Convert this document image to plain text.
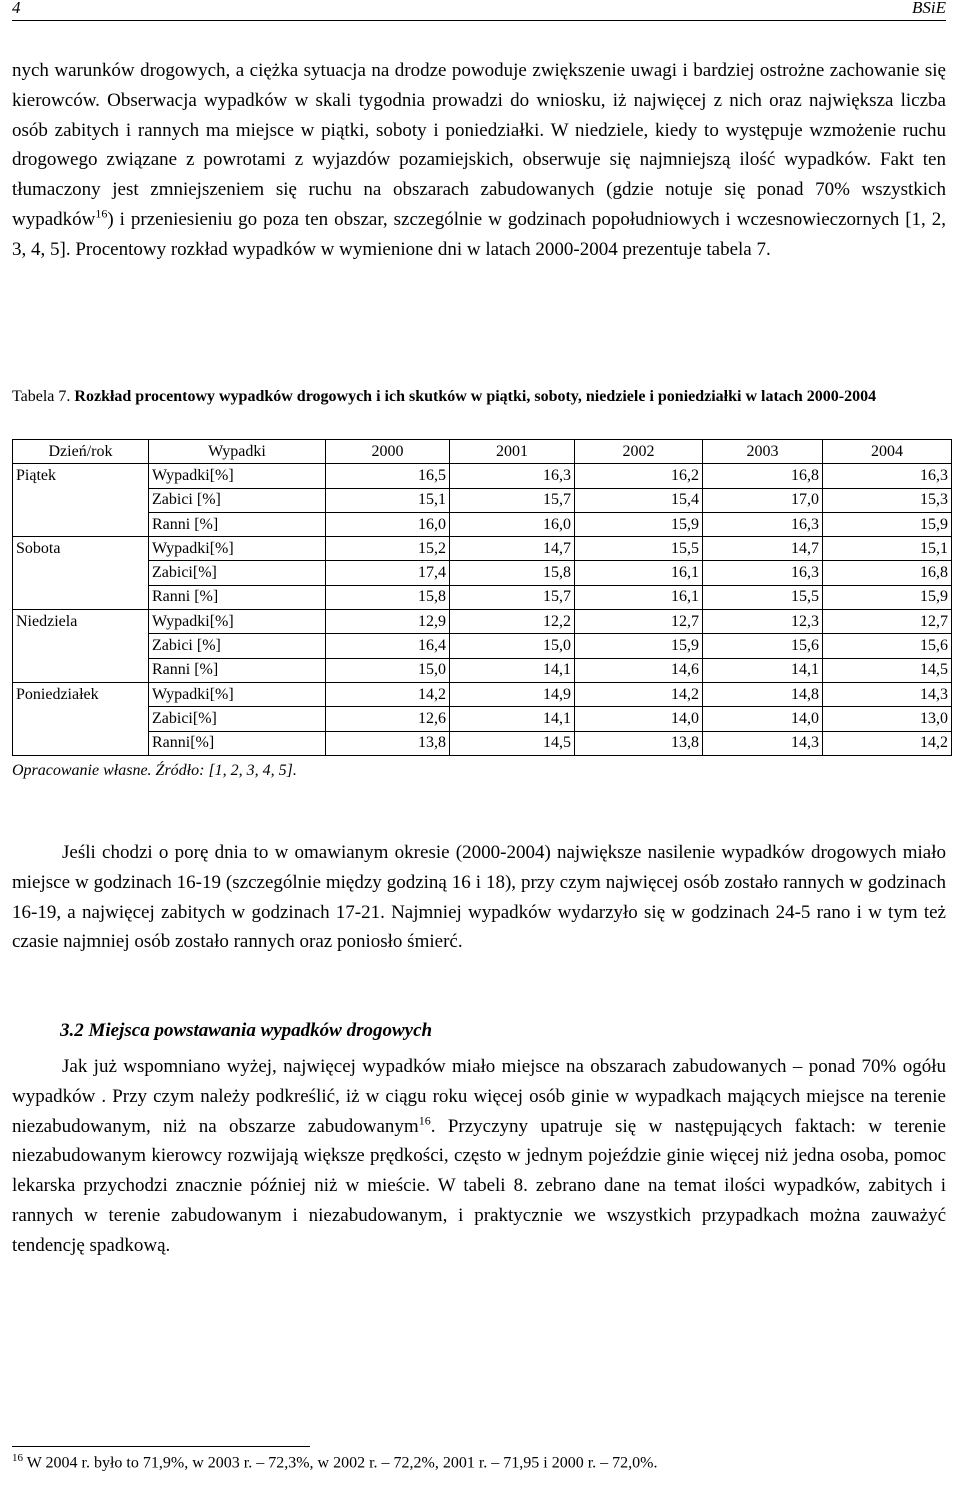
4	BSiE

nych warunków drogowych, a ciężka sytuacja na drodze powoduje zwiększenie uwagi i bardziej ostrożne zachowanie się kierowców. Obserwacja wypadków w skali tygodnia prowadzi do wniosku, iż najwięcej z nich oraz największa liczba osób zabitych i rannych ma miejsce w piątki, soboty i poniedziałki. W niedziele, kiedy to występuje wzmożenie ruchu drogowego związane z powrotami z wyjazdów pozamiejskich, obserwuje się najmniejszą ilość wypadków. Fakt ten tłumaczony jest zmniejszeniem się ruchu na obszarach zabudowanych (gdzie notuje się ponad 70% wszystkich wypadków$^{16}$) i przeniesieniu go poza ten obszar, szczególnie w godzinach popołudniowych i wczesnowieczornych [1, 2, 3, 4, 5]. Procentowy rozkład wypadków w wymienione dni w latach 2000-2004 prezentuje tabela 7.

Tabela 7. Rozkład procentowy wypadków drogowych i ich skutków w piątki, soboty, niedziele i poniedziałki w latach 2000-2004

Dzień/rok	Wypadki	2000	2001	2002	2003	2004
Piątek	Wypadki[%]	16,5	16,3	16,2	16,8	16,3
	Zabici [%]	15,1	15,7	15,4	17,0	15,3
	Ranni [%]	16,0	16,0	15,9	16,3	15,9
Sobota	Wypadki[%]	15,2	14,7	15,5	14,7	15,1
	Zabici[%]	17,4	15,8	16,1	16,3	16,8
	Ranni [%]	15,8	15,7	16,1	15,5	15,9
Niedziela	Wypadki[%]	12,9	12,2	12,7	12,3	12,7
	Zabici [%]	16,4	15,0	15,9	15,6	15,6
	Ranni [%]	15,0	14,1	14,6	14,1	14,5
Poniedziałek	Wypadki[%]	14,2	14,9	14,2	14,8	14,3
	Zabici[%]	12,6	14,1	14,0	14,0	13,0
	Ranni[%]	13,8	14,5	13,8	14,3	14,2
Opracowanie własne. Źródło: [1, 2, 3, 4, 5].

Jeśli chodzi o porę dnia to w omawianym okresie (2000-2004) największe nasilenie wypadków drogowych miało miejsce w godzinach 16-19 (szczególnie między godziną 16 i 18), przy czym najwięcej osób zostało rannych w godzinach 16-19, a najwięcej zabitych w godzinach 17-21. Najmniej wypadków wydarzyło się w godzinach 24-5 rano i w tym też czasie najmniej osób zostało rannych oraz poniosło śmierć.

3.2 Miejsca powstawania wypadków drogowych

Jak już wspomniano wyżej, najwięcej wypadków miało miejsce na obszarach zabudowanych – ponad 70% ogółu wypadków . Przy czym należy podkreślić, iż w ciągu roku więcej osób ginie w wypadkach mających miejsce na terenie niezabudowanym, niż na obszarze zabudowanym$^{16}$. Przyczyny upatruje się w następujących faktach: w terenie niezabudowanym kierowcy rozwijają większe prędkości, często w jednym pojeździe ginie więcej niż jedna osoba, pomoc lekarska przychodzi znacznie później niż w mieście. W tabeli 8. zebrano dane na temat ilości wypadków, zabitych i rannych w terenie zabudowanym i niezabudowanym, i praktycznie we wszystkich przypadkach można zauważyć tendencję spadkową.

$^{16}$ W 2004 r. było to 71,9%, w 2003 r. – 72,3%, w 2002 r. – 72,2%, 2001 r. – 71,95 i 2000 r. – 72,0%.
